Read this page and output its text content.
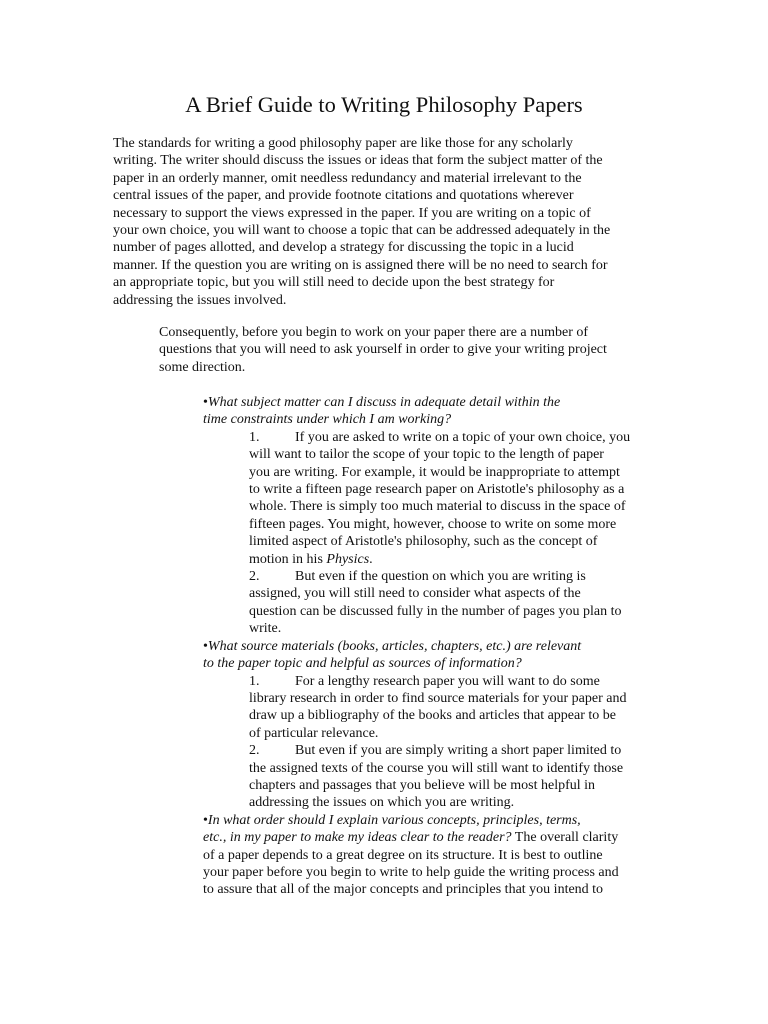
A Brief Guide to Writing Philosophy Papers
The standards for writing a good philosophy paper are like those for any scholarly
writing. The writer should discuss the issues or ideas that form the subject matter of the
paper in an orderly manner, omit needless redundancy and material irrelevant to the
central issues of the paper, and provide footnote citations and quotations wherever
necessary to support the views expressed in the paper. If you are writing on a topic of
your own choice, you will want to choose a topic that can be addressed adequately in the
number of pages allotted, and develop a strategy for discussing the topic in a lucid
manner. If the question you are writing on is assigned there will be no need to search for
an appropriate topic, but you will still need to decide upon the best strategy for
addressing the issues involved.
Consequently, before you begin to work on your paper there are a number of
questions that you will need to ask yourself in order to give your writing project
some direction.
•What subject matter can I discuss in adequate detail within the
time constraints under which I am working?
1.	If you are asked to write on a topic of your own choice, you
will want to tailor the scope of your topic to the length of paper
you are writing. For example, it would be inappropriate to attempt
to write a fifteen page research paper on Aristotle's philosophy as a
whole. There is simply too much material to discuss in the space of
fifteen pages. You might, however, choose to write on some more
limited aspect of Aristotle's philosophy, such as the concept of
motion in his Physics.
2.	But even if the question on which you are writing is
assigned, you will still need to consider what aspects of the
question can be discussed fully in the number of pages you plan to
write.
•What source materials (books, articles, chapters, etc.) are relevant
to the paper topic and helpful as sources of information?
1.	For a lengthy research paper you will want to do some
library research in order to find source materials for your paper and
draw up a bibliography of the books and articles that appear to be
of particular relevance.
2.	But even if you are simply writing a short paper limited to
the assigned texts of the course you will still want to identify those
chapters and passages that you believe will be most helpful in
addressing the issues on which you are writing.
•In what order should I explain various concepts, principles, terms,
etc., in my paper to make my ideas clear to the reader? The overall clarity
of a paper depends to a great degree on its structure. It is best to outline
your paper before you begin to write to help guide the writing process and
to assure that all of the major concepts and principles that you intend to
